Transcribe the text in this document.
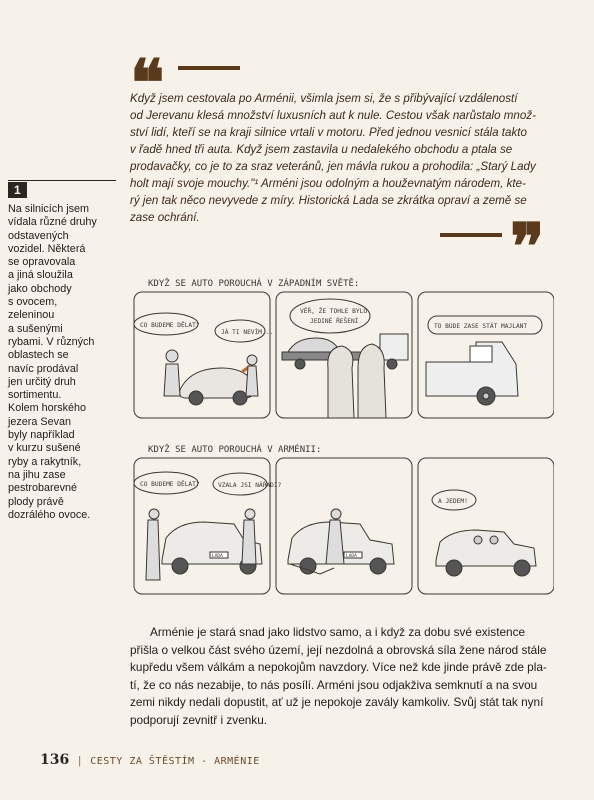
❝
Když jsem cestovala po Arménii, všimla jsem si, že s přibývající vzdáleností
od Jerevanu klesá množství luxusních aut k nule. Cestou však narůstalo množ-
ství lidí, kteří se na kraji silnice vrtali v motoru. Před jednou vesnicí stála takto
v řadě hned tři auta. Když jsem zastavila u nedalekého obchodu a ptala se
prodavačky, co je to za sraz veteránů, jen mávla rukou a prohodila: „Starý Lady
holt mají svoje mouchy."¹ Arméni jsou odolným a houževnatým národem, kte-
rý jen tak něco nevyvede z míry. Historická Lada se zkrátka opraví a země se
zase ochrání.	❞
1
Na silnicích jsem
vídala různé druhy
odstavených
vozidel. Některá
se opravovala
a jiná sloužila
jako obchody
s ovocem,
zeleninou
a sušenými
rybami. V různých
oblastech se
navíc prodával
jen určitý druh
sortimentu.
Kolem horského
jezera Sevan
byly například
v kurzu sušené
ryby a rakytník,
na jihu zase
pestrobarevné
plody právě
dozrálého ovoce.
KDYŽ SE AUTO POROUCHÁ V ZÁPADNÍM SVĚTĚ:
CO BUDEME DĚLAT?
JÁ TI NEVÍM...
VĚŘ, ŽE TOHLE BYLO
JEDINÉ ŘEŠENÍ
TO BUDE ZASE STÁT MAJLANT
KDYŽ SE AUTO POROUCHÁ V ARMÉNII:
CO BUDEME DĚLAT?	VZALA JSI NÁŘADÍ?
LADA	LADA
A JEDEM!
Arménie je stará snad jako lidstvo samo, a i když za dobu své existence
přišla o velkou část svého území, její nezdolná a obrovská síla žene národ stále
kupředu všem válkám a nepokojům navzdory. Více než kde jinde právě zde pla-
tí, že co nás nezabije, to nás posílí. Arméni jsou odjakživa semknutí a na svou
zemi nikdy nedali dopustit, ať už je nepokoje zavály kamkoliv. Svůj stát tak nyní
podporují zevnitř i zvenku.
136 | CESTY ZA ŠTĚSTÍM - ARMÉNIE
